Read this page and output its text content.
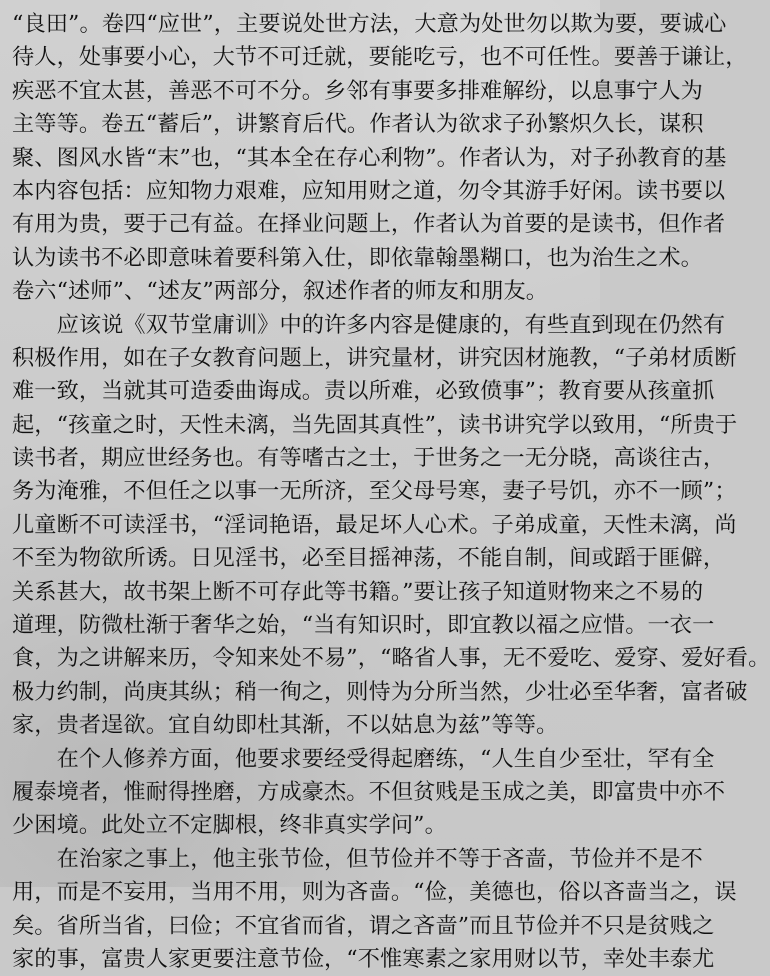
“良田”。卷四“应世”，主要说处世方法，大意为处世勿以欺为要，要诚心
待人，处事要小心，大节不可迁就，要能吃亏，也不可任性。要善于谦让，
疾恶不宜太甚，善恶不可不分。乡邻有事要多排难解纷，以息事宁人为
主等等。卷五“蓄后”，讲繁育后代。作者认为欲求子孙繁炽久长，谋积
聚、图风水皆“末”也，“其本全在存心利物”。作者认为，对子孙教育的基
本内容包括：应知物力艰难，应知用财之道，勿令其游手好闲。读书要以
有用为贵，要于己有益。在择业问题上，作者认为首要的是读书，但作者
认为读书不必即意味着要科第入仕，即依靠翰墨糊口，也为治生之术。
卷六“述师”、“述友”两部分，叙述作者的师友和朋友。
　　应该说《双节堂庸训》中的许多内容是健康的，有些直到现在仍然有
积极作用，如在子女教育问题上，讲究量材，讲究因材施教，“子弟材质断
难一致，当就其可造委曲诲成。责以所难，必致偾事”；教育要从孩童抓
起，“孩童之时，天性未漓，当先固其真性”，读书讲究学以致用，“所贵于
读书者，期应世经务也。有等嗜古之士，于世务之一无分晓，高谈往古，
务为淹雅，不但任之以事一无所济，至父母号寒，妻子号饥，亦不一顾”；
儿童断不可读淫书，“淫词艳语，最足坏人心术。子弟成童，天性未漓，尚
不至为物欲所诱。日见淫书，必至目摇神荡，不能自制，间或蹈于匪僻，
关系甚大，故书架上断不可存此等书籍。”要让孩子知道财物来之不易的
道理，防微杜渐于奢华之始，“当有知识时，即宜教以福之应惜。一衣一
食，为之讲解来历，令知来处不易”，“略省人事，无不爱吃、爱穿、爱好看。
极力约制，尚庚其纵；稍一徇之，则恃为分所当然，少壮必至华奢，富者破
家，贵者逞欲。宜自幼即杜其渐，不以姑息为兹”等等。
　　在个人修养方面，他要求要经受得起磨练，“人生自少至壮，罕有全
履泰境者，惟耐得挫磨，方成豪杰。不但贫贱是玉成之美，即富贵中亦不
少困境。此处立不定脚根，终非真实学问”。
　　在治家之事上，他主张节俭，但节俭并不等于吝啬，节俭并不是不
用，而是不妄用，当用不用，则为吝啬。“俭，美德也，俗以吝啬当之，误
矣。省所当省，曰俭；不宜省而省，谓之吝啬”而且节俭并不只是贫贱之
家的事，富贵人家更要注意节俭，“不惟寒素之家用财以节，幸处丰泰尤
